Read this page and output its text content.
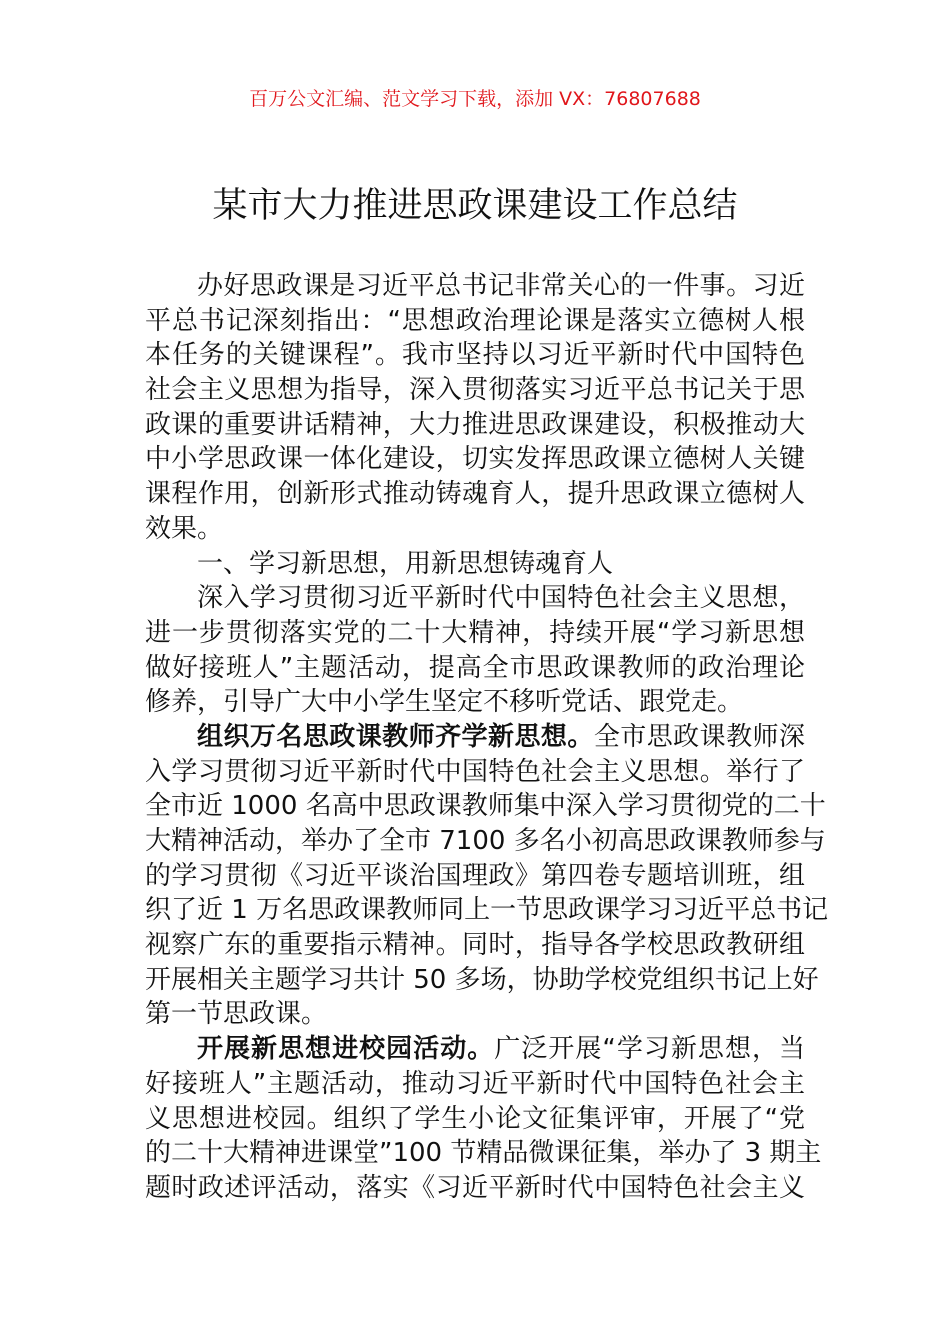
百万公文汇编、范文学习下载，添加 VX：76807688
某市大力推进思政课建设工作总结
办好思政课是习近平总书记非常关心的一件事。习近
平总书记深刻指出：“思想政治理论课是落实立德树人根
本任务的关键课程”。我市坚持以习近平新时代中国特色
社会主义思想为指导，深入贯彻落实习近平总书记关于思
政课的重要讲话精神，大力推进思政课建设，积极推动大
中小学思政课一体化建设，切实发挥思政课立德树人关键
课程作用，创新形式推动铸魂育人，提升思政课立德树人
效果。
一、学习新思想，用新思想铸魂育人
深入学习贯彻习近平新时代中国特色社会主义思想，
进一步贯彻落实党的二十大精神，持续开展“学习新思想
做好接班人”主题活动，提高全市思政课教师的政治理论
修养，引导广大中小学生坚定不移听党话、跟党走。
组织万名思政课教师齐学新思想。全市思政课教师深
入学习贯彻习近平新时代中国特色社会主义思想。举行了
全市近 1000 名高中思政课教师集中深入学习贯彻党的二十
大精神活动，举办了全市 7100 多名小初高思政课教师参与
的学习贯彻《习近平谈治国理政》第四卷专题培训班，组
织了近 1 万名思政课教师同上一节思政课学习习近平总书记
视察广东的重要指示精神。同时，指导各学校思政教研组
开展相关主题学习共计 50 多场，协助学校党组织书记上好
第一节思政课。
开展新思想进校园活动。广泛开展“学习新思想，当
好接班人”主题活动，推动习近平新时代中国特色社会主
义思想进校园。组织了学生小论文征集评审，开展了“党
的二十大精神进课堂”100 节精品微课征集，举办了 3 期主
题时政述评活动，落实《习近平新时代中国特色社会主义
